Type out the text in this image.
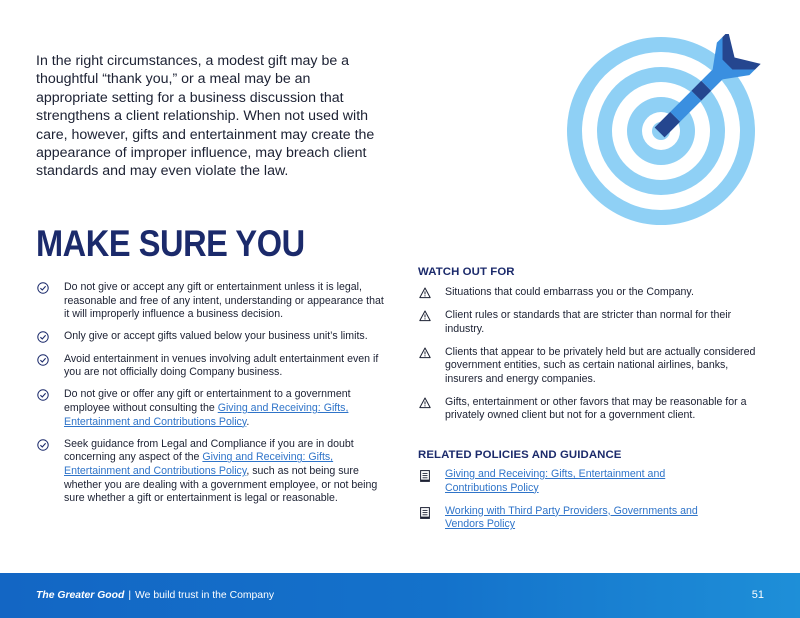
In the right circumstances, a modest gift may be a thoughtful “thank you,” or a meal may be an appropriate setting for a business discussion that strengthens a client relationship. When not used with care, however, gifts and entertainment may create the appearance of improper influence, may breach client standards and may even violate the law.

MAKE SURE YOU
Do not give or accept any gift or entertainment unless it is legal, reasonable and free of any intent, understanding or appearance that it will improperly influence a business decision.
Only give or accept gifts valued below your business unit’s limits.
Avoid entertainment in venues involving adult entertainment even if you are not officially doing Company business.
Do not give or offer any gift or entertainment to a government employee without consulting the Giving and Receiving: Gifts, Entertainment and Contributions Policy.
Seek guidance from Legal and Compliance if you are in doubt concerning any aspect of the Giving and Receiving: Gifts, Entertainment and Contributions Policy, such as not being sure whether you are dealing with a government employee, or not being sure whether a gift or entertainment is legal or reasonable.
WATCH OUT FOR
Situations that could embarrass you or the Company.
Client rules or standards that are stricter than normal for their industry.
Clients that appear to be privately held but are actually considered government entities, such as certain national airlines, banks, insurers and energy companies.
Gifts, entertainment or other favors that may be reasonable for a privately owned client but not for a government client.
RELATED POLICIES AND GUIDANCE
Giving and Receiving: Gifts, Entertainment and Contributions Policy
Working with Third Party Providers, Governments and Vendors Policy
The Greater Good | We build trust in the Company	51
